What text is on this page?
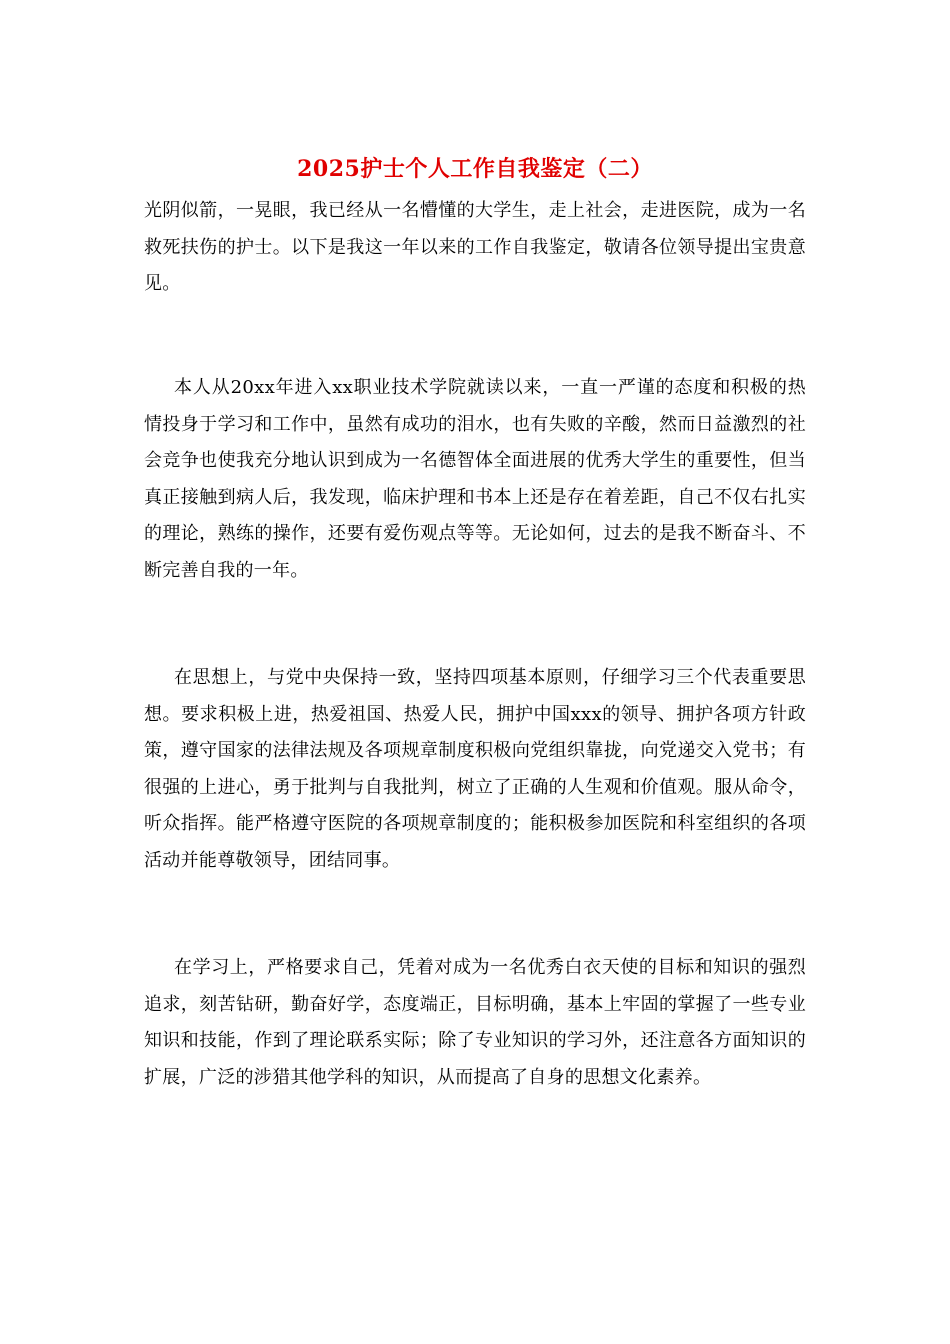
2025护士个人工作自我鉴定（二）

光阴似箭，一晃眼，我已经从一名懵懂的大学生，走上社会，走进医院，成为一名救死扶伤的护士。以下是我这一年以来的工作自我鉴定，敬请各位领导提出宝贵意见。

本人从20xx年进入xx职业技术学院就读以来，一直一严谨的态度和积极的热情投身于学习和工作中，虽然有成功的泪水，也有失败的辛酸，然而日益激烈的社会竞争也使我充分地认识到成为一名德智体全面进展的优秀大学生的重要性，但当真正接触到病人后，我发现，临床护理和书本上还是存在着差距，自己不仅右扎实的理论，熟练的操作，还要有爱伤观点等等。无论如何，过去的是我不断奋斗、不断完善自我的一年。

在思想上，与党中央保持一致，坚持四项基本原则，仔细学习三个代表重要思想。要求积极上进，热爱祖国、热爱人民，拥护中国xxx的领导、拥护各项方针政策，遵守国家的法律法规及各项规章制度积极向党组织靠拢，向党递交入党书；有很强的上进心，勇于批判与自我批判，树立了正确的人生观和价值观。服从命令，听众指挥。能严格遵守医院的各项规章制度的；能积极参加医院和科室组织的各项活动并能尊敬领导，团结同事。

在学习上，严格要求自己，凭着对成为一名优秀白衣天使的目标和知识的强烈追求，刻苦钻研，勤奋好学，态度端正，目标明确，基本上牢固的掌握了一些专业知识和技能，作到了理论联系实际；除了专业知识的学习外，还注意各方面知识的扩展，广泛的涉猎其他学科的知识，从而提高了自身的思想文化素养。
